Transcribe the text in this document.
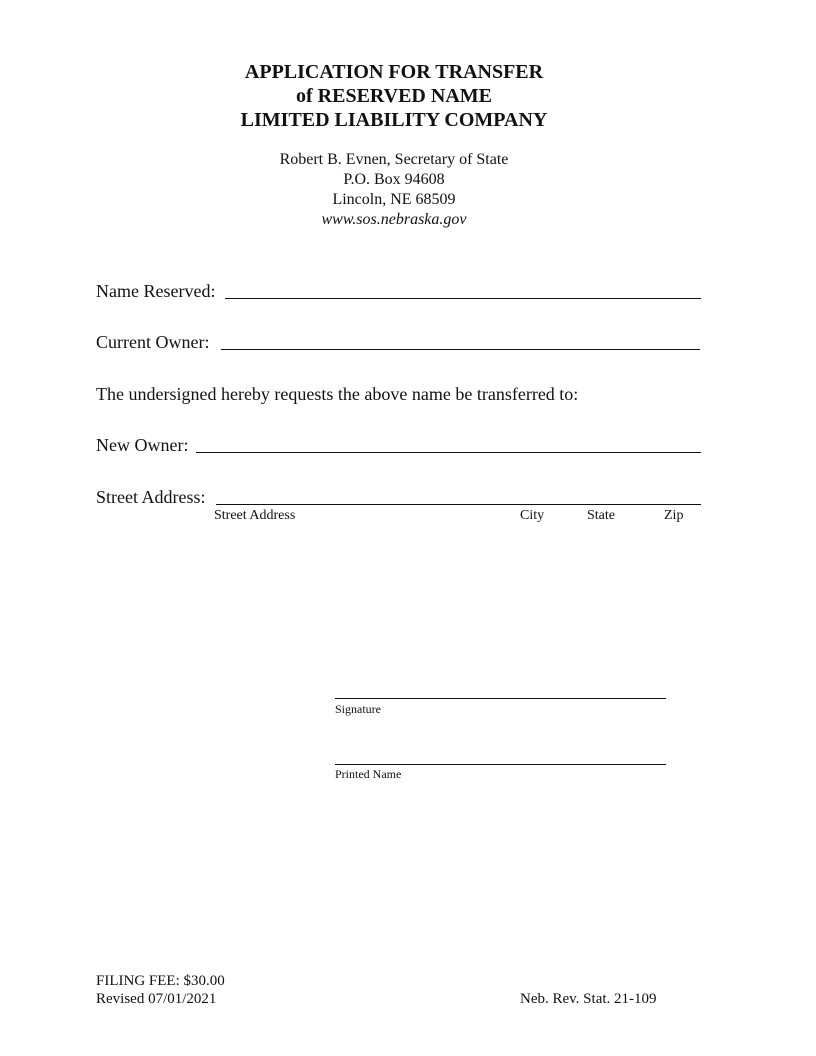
APPLICATION FOR TRANSFER
of RESERVED NAME
LIMITED LIABILITY COMPANY
Robert B. Evnen, Secretary of State
P.O. Box 94608
Lincoln, NE 68509
www.sos.nebraska.gov
Name Reserved:
Current Owner:
The undersigned hereby requests the above name be transferred to:
New Owner:
Street Address:
Street Address	City	State	Zip
Signature
Printed Name
FILING FEE: $30.00
Revised 07/01/2021	Neb. Rev. Stat. 21-109
